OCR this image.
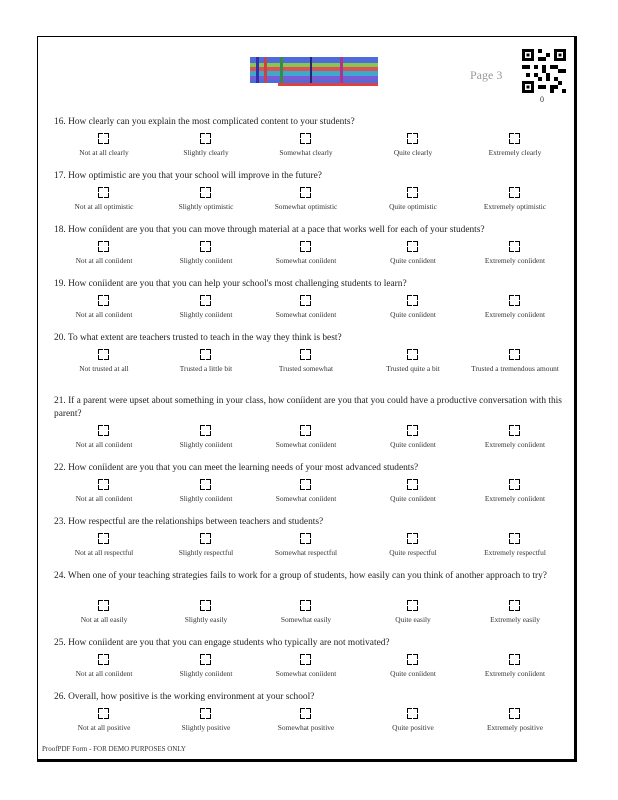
Page 3
0
16. How clearly can you explain the most complicated content to your students?
Not at all clearly	Slightly clearly	Somewhat clearly	Quite clearly	Extremely clearly
17. How optimistic are you that your school will improve in the future?
Not at all optimistic	Slightly optimistic	Somewhat optimistic	Quite optimistic	Extremely optimistic
18. How coníident are you that you can move through material at a pace that works well for each of your students?
Not at all coníident	Slightly coníident	Somewhat coníident	Quite coníident	Extremely coníident
19. How coníident are you that you can help your school's most challenging students to learn?
Not at all coníident	Slightly coníident	Somewhat coníident	Quite coníident	Extremely coníident
20. To what extent are teachers trusted to teach in the way they think is best?
Not trusted at all	Trusted a little bit	Trusted somewhat	Trusted quite a bit	Trusted a tremendous amount
21. If a parent were upset about something in your class, how coníident are you that you could have a productive conversation with this parent?
Not at all coníident	Slightly coníident	Somewhat coníident	Quite coníident	Extremely coníident
22. How coníident are you that you can meet the learning needs of your most advanced students?
Not at all coníident	Slightly coníident	Somewhat coníident	Quite coníident	Extremely coníident
23. How respectful are the relationships between teachers and students?
Not at all respectful	Slightly respectful	Somewhat respectful	Quite respectful	Extremely respectful
24. When one of your teaching strategies fails to work for a group of students, how easily can you think of another approach to try?
Not at all easily	Slightly easily	Somewhat easily	Quite easily	Extremely easily
25. How coníident are you that you can engage students who typically are not motivated?
Not at all coníident	Slightly coníident	Somewhat coníident	Quite coníident	Extremely coníident
26. Overall, how positive is the working environment at your school?
Not at all positive	Slightly positive	Somewhat positive	Quite positive	Extremely positive
ProofPDF Form - FOR DEMO PURPOSES ONLY
